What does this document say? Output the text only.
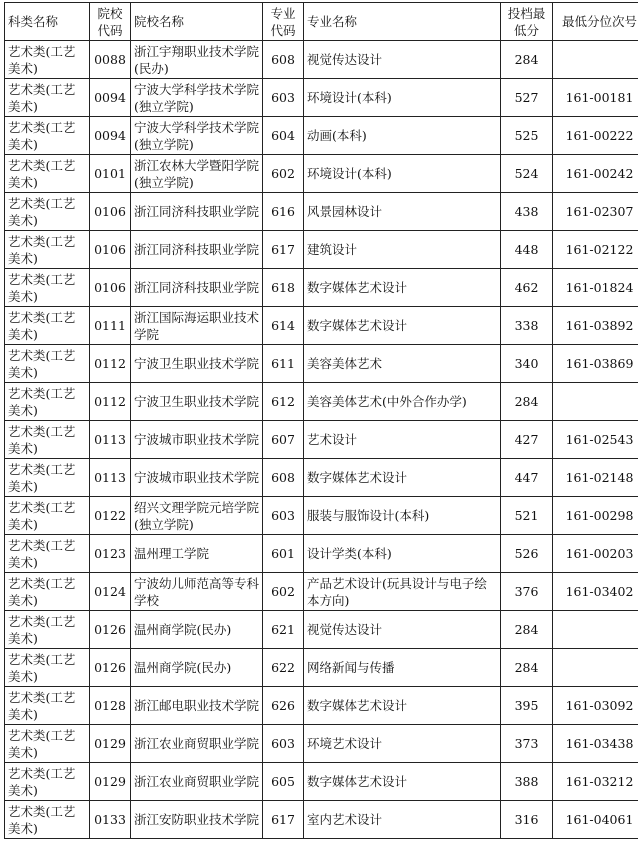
科类名称	院校代码	院校名称	专业代码	专业名称	投档最低分	最低分位次号
艺术类(工艺美术)	0088	浙江宇翔职业技术学院(民办)	608	视觉传达设计	284	
艺术类(工艺美术)	0094	宁波大学科学技术学院(独立学院)	603	环境设计(本科)	527	161-00181
艺术类(工艺美术)	0094	宁波大学科学技术学院(独立学院)	604	动画(本科)	525	161-00222
艺术类(工艺美术)	0101	浙江农林大学暨阳学院(独立学院)	602	环境设计(本科)	524	161-00242
艺术类(工艺美术)	0106	浙江同济科技职业学院	616	风景园林设计	438	161-02307
艺术类(工艺美术)	0106	浙江同济科技职业学院	617	建筑设计	448	161-02122
艺术类(工艺美术)	0106	浙江同济科技职业学院	618	数字媒体艺术设计	462	161-01824
艺术类(工艺美术)	0111	浙江国际海运职业技术学院	614	数字媒体艺术设计	338	161-03892
艺术类(工艺美术)	0112	宁波卫生职业技术学院	611	美容美体艺术	340	161-03869
艺术类(工艺美术)	0112	宁波卫生职业技术学院	612	美容美体艺术(中外合作办学)	284	
艺术类(工艺美术)	0113	宁波城市职业技术学院	607	艺术设计	427	161-02543
艺术类(工艺美术)	0113	宁波城市职业技术学院	608	数字媒体艺术设计	447	161-02148
艺术类(工艺美术)	0122	绍兴文理学院元培学院(独立学院)	603	服装与服饰设计(本科)	521	161-00298
艺术类(工艺美术)	0123	温州理工学院	601	设计学类(本科)	526	161-00203
艺术类(工艺美术)	0124	宁波幼儿师范高等专科学校	602	产品艺术设计(玩具设计与电子绘本方向)	376	161-03402
艺术类(工艺美术)	0126	温州商学院(民办)	621	视觉传达设计	284	
艺术类(工艺美术)	0126	温州商学院(民办)	622	网络新闻与传播	284	
艺术类(工艺美术)	0128	浙江邮电职业技术学院	626	数字媒体艺术设计	395	161-03092
艺术类(工艺美术)	0129	浙江农业商贸职业学院	603	环境艺术设计	373	161-03438
艺术类(工艺美术)	0129	浙江农业商贸职业学院	605	数字媒体艺术设计	388	161-03212
艺术类(工艺美术)	0133	浙江安防职业技术学院	617	室内艺术设计	316	161-04061
